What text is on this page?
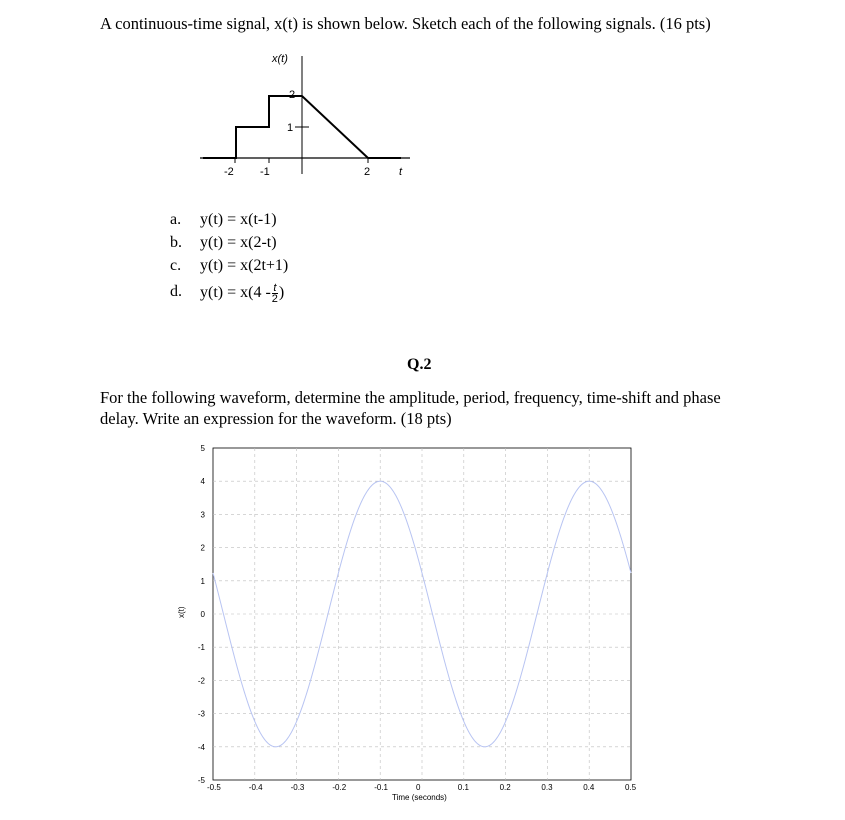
A continuous-time signal, x(t) is shown below. Sketch each of the following signals. (16 pts)
x(t)
2
1
-2 -1	2	t
a.	y(t) = x(t-1)
b.	y(t) = x(2-t)
c.	y(t) = x(2t+1)
d.	$y(t) = x(4 - \frac{t}{2}$ )
Q.2
For the following waveform, determine the amplitude, period, frequency, time-shift and phase delay. Write an expression for the waveform. (18 pts)
-0.5	-0.4	-0.3	-0.2	-0.1	0	0.1	0.2	0.3	0.4	0.5
-5
-4
-3
-2
-1
0
1
2
3
4
5
Time (seconds)
x(t)
